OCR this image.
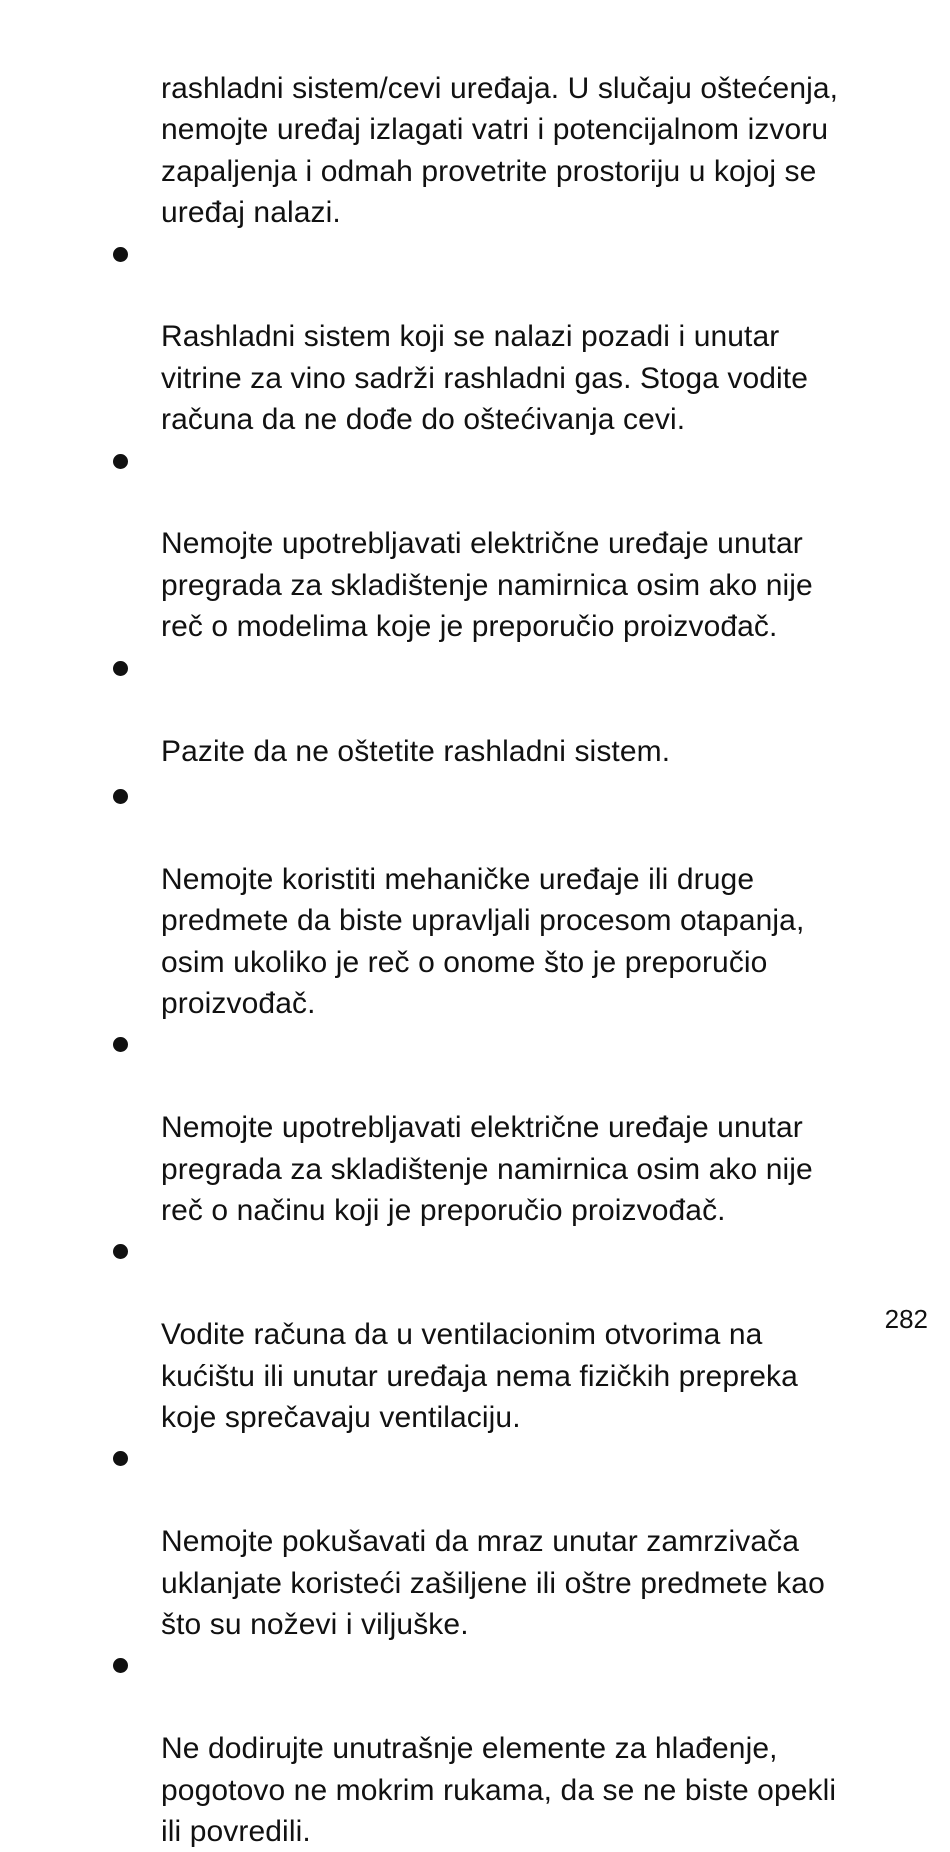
rashladni sistem/cevi uređaja. U slučaju oštećenja,
nemojte uređaj izlagati vatri i potencijalnom izvoru
zapaljenja i odmah provetrite prostoriju u kojoj se
uređaj nalazi.

Rashladni sistem koji se nalazi pozadi i unutar
vitrine za vino sadrži rashladni gas. Stoga vodite
računa da ne dođe do oštećivanja cevi.

Nemojte upotrebljavati električne uređaje unutar
pregrada za skladištenje namirnica osim ako nije
reč o modelima koje je preporučio proizvođač.

Pazite da ne oštetite rashladni sistem.

Nemojte koristiti mehaničke uređaje ili druge
predmete da biste upravljali procesom otapanja,
osim ukoliko je reč o onome što je preporučio
proizvođač.

Nemojte upotrebljavati električne uređaje unutar
pregrada za skladištenje namirnica osim ako nije
reč o načinu koji je preporučio proizvođač.

Vodite računa da u ventilacionim otvorima na
kućištu ili unutar uređaja nema fizičkih prepreka
koje sprečavaju ventilaciju.

Nemojte pokušavati da mraz unutar zamrzivača
uklanjate koristeći zašiljene ili oštre predmete kao
što su noževi i viljuške.

Ne dodirujte unutrašnje elemente za hlađenje,
pogotovo ne mokrim rukama, da se ne biste opekli
ili povredili.

282
